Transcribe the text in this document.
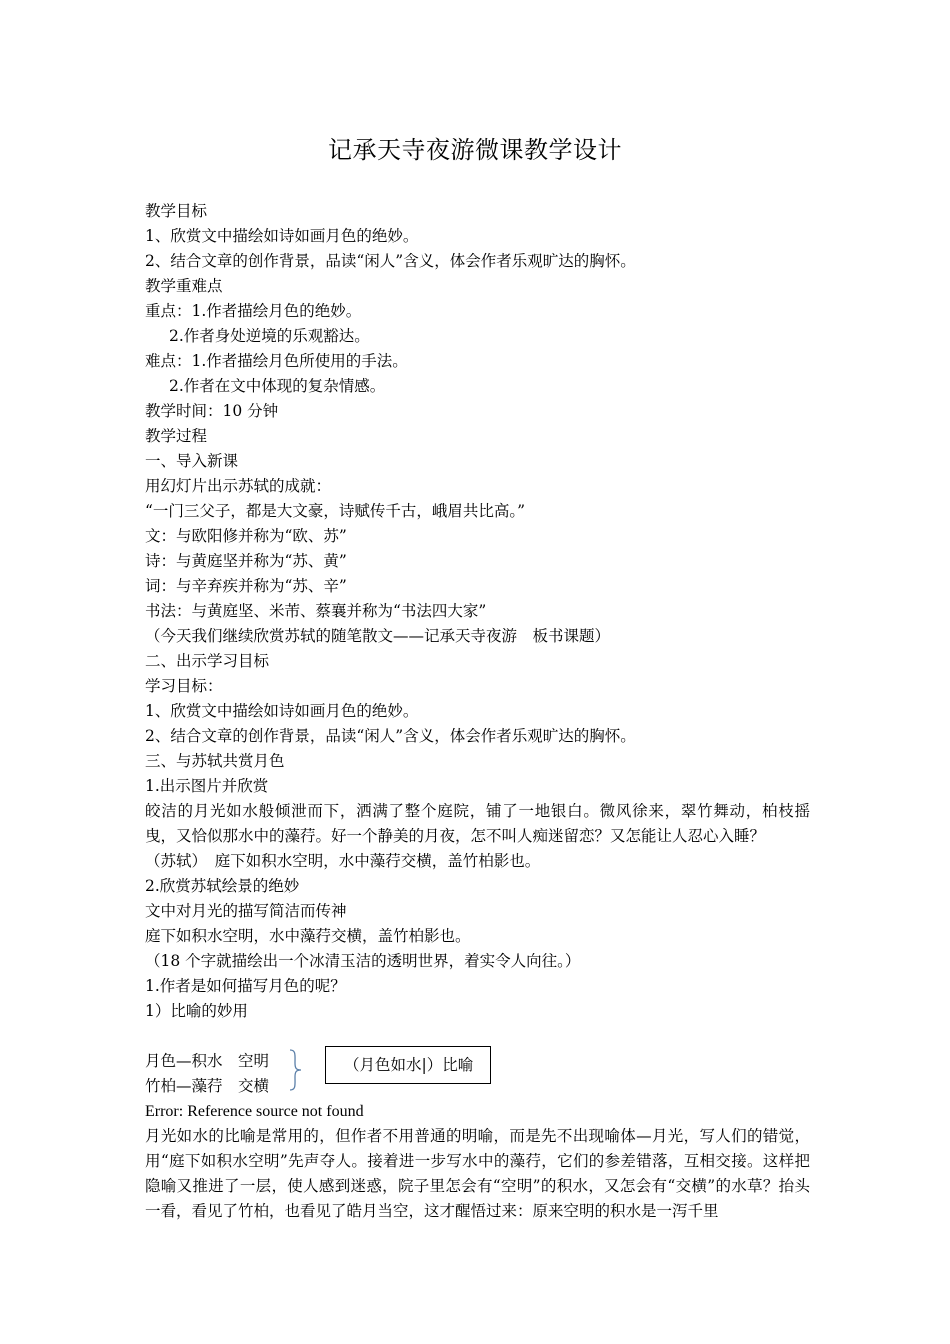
记承天寺夜游微课教学设计
教学目标
1、欣赏文中描绘如诗如画月色的绝妙。
2、结合文章的创作背景，品读“闲人”含义，体会作者乐观旷达的胸怀。
教学重难点
重点：1.作者描绘月色的绝妙。
2.作者身处逆境的乐观豁达。
难点：1.作者描绘月色所使用的手法。
2.作者在文中体现的复杂情感。
教学时间：10 分钟
教学过程
一、导入新课
用幻灯片出示苏轼的成就：
“一门三父子，都是大文豪，诗赋传千古，峨眉共比高。”
文：与欧阳修并称为“欧、苏”
诗：与黄庭坚并称为“苏、黄”
词：与辛弃疾并称为“苏、辛”
书法：与黄庭坚、米芾、蔡襄并称为“书法四大家”
（今天我们继续欣赏苏轼的随笔散文——记承天寺夜游　板书课题）
二、出示学习目标
学习目标：
1、欣赏文中描绘如诗如画月色的绝妙。
2、结合文章的创作背景，品读“闲人”含义，体会作者乐观旷达的胸怀。
三、与苏轼共赏月色
1.出示图片并欣赏
皎洁的月光如水般倾泄而下，洒满了整个庭院，铺了一地银白。微风徐来，翠竹舞动，柏枝摇曳，又恰似那水中的藻荇。好一个静美的月夜，怎不叫人痴迷留恋？又怎能让人忍心入睡？
（苏轼）　庭下如积水空明，水中藻荇交横，盖竹柏影也。
2.欣赏苏轼绘景的绝妙
文中对月光的描写简洁而传神
庭下如积水空明，水中藻荇交横，盖竹柏影也。
（18 个字就描绘出一个冰清玉洁的透明世界，着实令人向往。）
1.作者是如何描写月色的呢？
1）比喻的妙用
月色—积水　空明
竹柏—藻荇　交横
（月色如水|）比喻
Error: Reference source not found
月光如水的比喻是常用的，但作者不用普通的明喻，而是先不出现喻体—月光，写人们的错觉，用“庭下如积水空明”先声夺人。接着进一步写水中的藻荇，它们的参差错落，互相交接。这样把隐喻又推进了一层，使人感到迷惑，院子里怎会有“空明”的积水，又怎会有“交横”的水草？抬头一看，看见了竹柏，也看见了皓月当空，这才醒悟过来：原来空明的积水是一泻千里
